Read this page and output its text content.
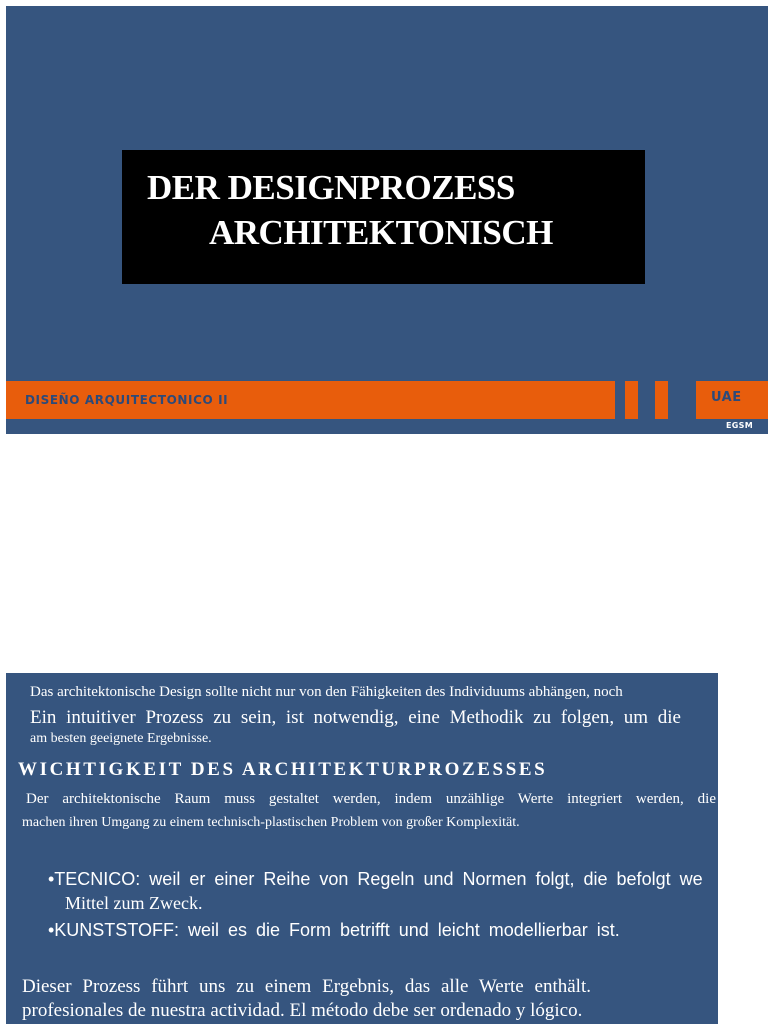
DER DESIGNPROZESS
ARCHITEKTONISCH
DISEÑO ARQUITECTONICO II	UAE
EGSM
Das architektonische Design sollte nicht nur von den Fähigkeiten des Individuums abhängen, noch
Ein intuitiver Prozess zu sein, ist notwendig, eine Methodik zu folgen, um die
am besten geeignete Ergebnisse.
WICHTIGKEIT DES ARCHITEKTURPROZESSES
Der architektonische Raum muss gestaltet werden, indem unzählige Werte integriert werden, die
machen ihren Umgang zu einem technisch-plastischen Problem von großer Komplexität.
•TECNICO: weil er einer Reihe von Regeln und Normen folgt, die befolgt we
Mittel zum Zweck.
•KUNSTSTOFF: weil es die Form betrifft und leicht modellierbar ist.
Dieser Prozess führt uns zu einem Ergebnis, das alle Werte enthält.
profesionales de nuestra actividad. El método debe ser ordenado y lógico.
